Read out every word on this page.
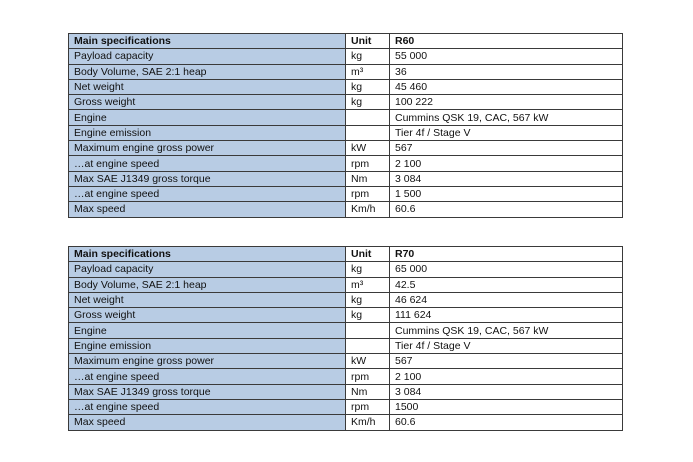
Main specifications	Unit	R60
Payload capacity	kg	55 000
Body Volume, SAE 2:1 heap	m³	36
Net weight	kg	45 460
Gross weight	kg	100 222
Engine		Cummins QSK 19, CAC, 567 kW
Engine emission		Tier 4f / Stage V
Maximum engine gross power	kW	567
…at engine speed	rpm	2 100
Max SAE J1349 gross torque	Nm	3 084
…at engine speed	rpm	1 500
Max speed	Km/h	60.6
Main specifications	Unit	R70
Payload capacity	kg	65 000
Body Volume, SAE 2:1 heap	m³	42.5
Net weight	kg	46 624
Gross weight	kg	111 624
Engine		Cummins QSK 19, CAC, 567 kW
Engine emission		Tier 4f / Stage V
Maximum engine gross power	kW	567
…at engine speed	rpm	2 100
Max SAE J1349 gross torque	Nm	3 084
…at engine speed	rpm	1500
Max speed	Km/h	60.6
